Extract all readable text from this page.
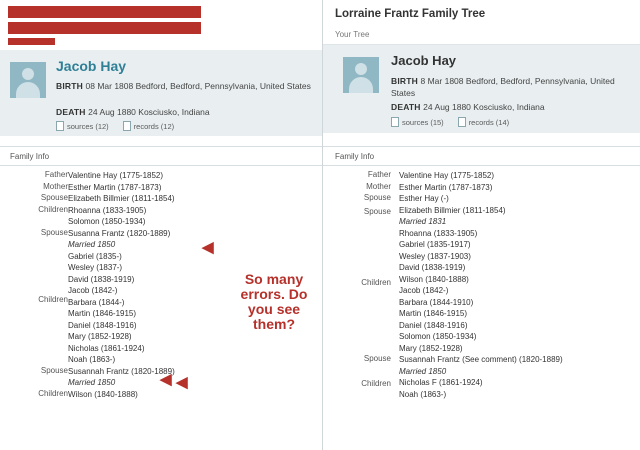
Jacob Hay
BIRTH 08 Mar 1808 Bedford, Bedford, Pennsylvania, United States
DEATH 24 Aug 1880 Kosciusko, Indiana
sources (12)	records (12)
Family Info
Father	Valentine Hay (1775-1852)

Mother	Esther Martin (1787-1873)

Spouse	Elizabeth Billmier (1811-1854)

Children	Rhoanna (1833-1905)
Solomon (1850-1934)

Spouse	Susanna Frantz (1820-1889)
Married 1850

Children	
Gabriel (1835-)
Wesley (1837-)
David (1838-1919)
Jacob (1842-)
Barbara (1844-)
Martin (1846-1915)
Daniel (1848-1916)
Mary (1852-1928)
Nicholas (1861-1924)
Noah (1863-)

Spouse	Susannah Frantz (1820-1889)
Married 1850

Children	Wilson (1840-1888)
◀
◀ ◀
So many errors. Do you see them?
Lorraine Frantz Family Tree
Your Tree
Jacob Hay
BIRTH 8 Mar 1808 Bedford, Bedford, Pennsylvania, United States
DEATH 24 Aug 1880 Kosciusko, Indiana
sources (15)	records (14)
Family Info
Father	Valentine Hay (1775-1852)

Mother	Esther Martin (1787-1873)

Spouse	Esther Hay (-)

Spouse	Elizabeth Billmier (1811-1854)
Married 1831

Children	
Rhoanna (1833-1905)
Gabriel (1835-1917)
Wesley (1837-1903)
David (1838-1919)
Wilson (1840-1888)
Jacob (1842-)
Barbara (1844-1910)
Martin (1846-1915)
Daniel (1848-1916)
Solomon (1850-1934)
Mary (1852-1928)

Spouse	Susannah Frantz (See comment) (1820-1889)
Married 1850

Children	Nicholas F (1861-1924)
Noah (1863-)
